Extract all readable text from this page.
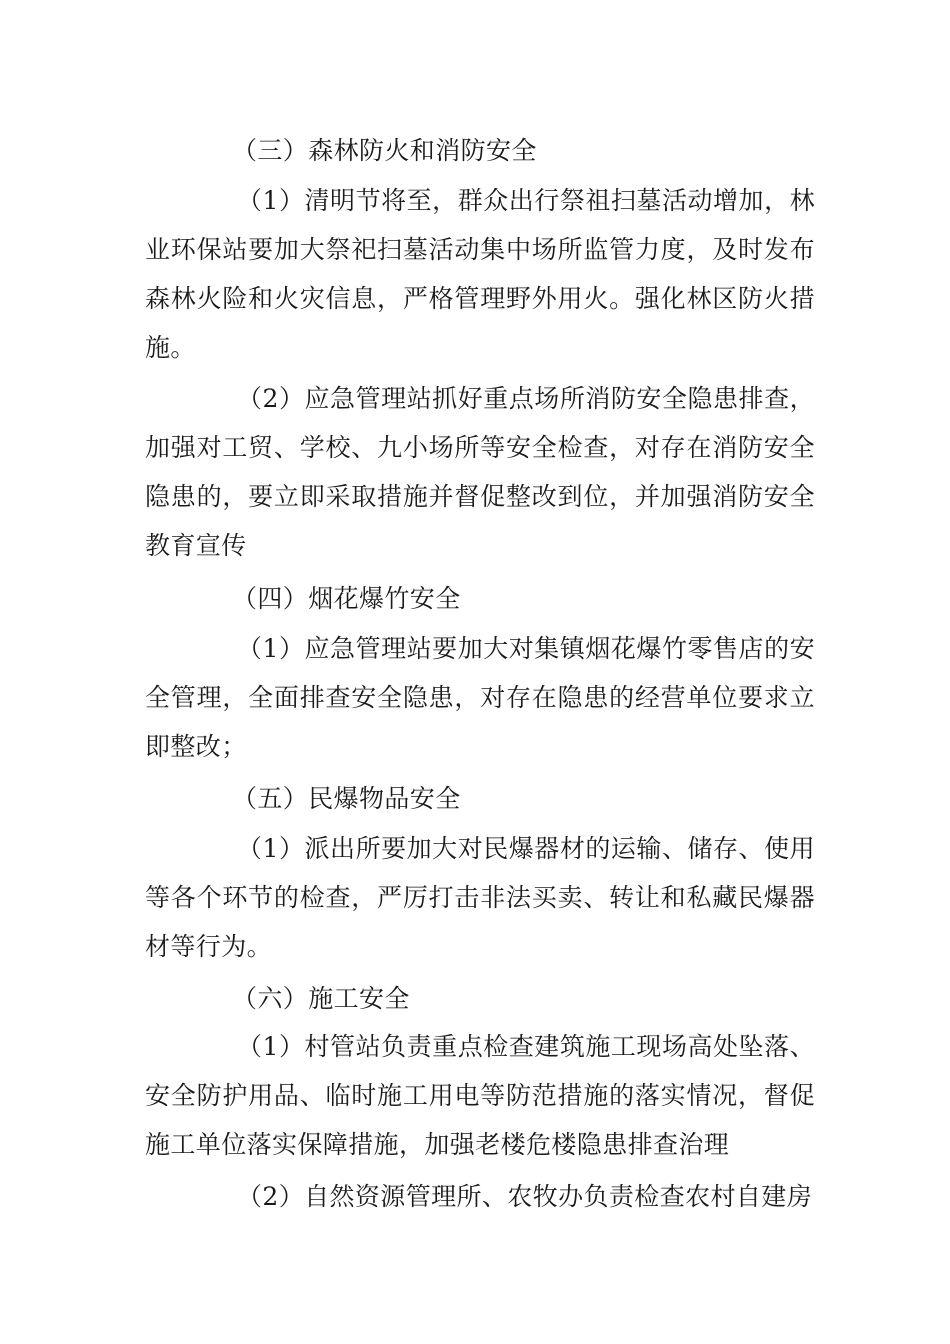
（三）森林防火和消防安全

（1）清明节将至，群众出行祭祖扫墓活动增加，林业环保站要加大祭祀扫墓活动集中场所监管力度，及时发布森林火险和火灾信息，严格管理野外用火。强化林区防火措施。

（2）应急管理站抓好重点场所消防安全隐患排查，加强对工贸、学校、九小场所等安全检查，对存在消防安全隐患的，要立即采取措施并督促整改到位，并加强消防安全教育宣传

（四）烟花爆竹安全

（1）应急管理站要加大对集镇烟花爆竹零售店的安全管理，全面排查安全隐患，对存在隐患的经营单位要求立即整改；

（五）民爆物品安全

（1）派出所要加大对民爆器材的运输、储存、使用等各个环节的检查，严厉打击非法买卖、转让和私藏民爆器材等行为。

（六）施工安全

（1）村管站负责重点检查建筑施工现场高处坠落、安全防护用品、临时施工用电等防范措施的落实情况，督促施工单位落实保障措施，加强老楼危楼隐患排查治理

（2）自然资源管理所、农牧办负责检查农村自建房
